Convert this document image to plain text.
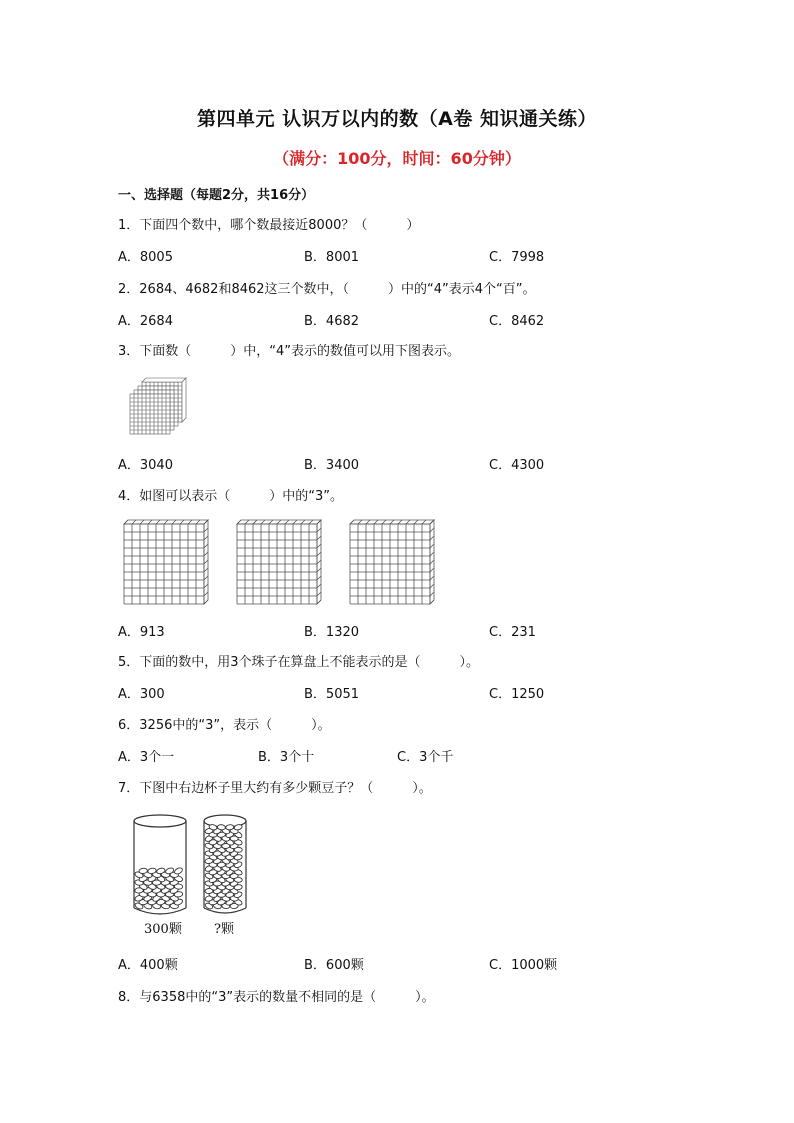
第四单元 认识万以内的数（A卷 知识通关练）
（满分：100分，时间：60分钟）
一、选择题（每题2分，共16分）
1．下面四个数中，哪个数最接近8000？（　　　）
A．8005	B．8001	C．7998
2．2684、4682和8462这三个数中，（　　　）中的“4”表示4个“百”。
A．2684	B．4682	C．8462
3．下面数（　　　）中，“4”表示的数值可以用下图表示。
A．3040	B．3400	C．4300
4．如图可以表示（　　　）中的“3”。
A．913	B．1320	C．231
5．下面的数中，用3个珠子在算盘上不能表示的是（　　　）。
A．300	B．5051	C．1250
6．3256中的“3”，表示（　　　）。
A．3个一	B．3个十	C．3个千
7．下图中右边杯子里大约有多少颗豆子？（　　　）。
300颗 ?颗
A．400颗	B．600颗	C．1000颗
8．与6358中的“3”表示的数量不相同的是（　　　）。
